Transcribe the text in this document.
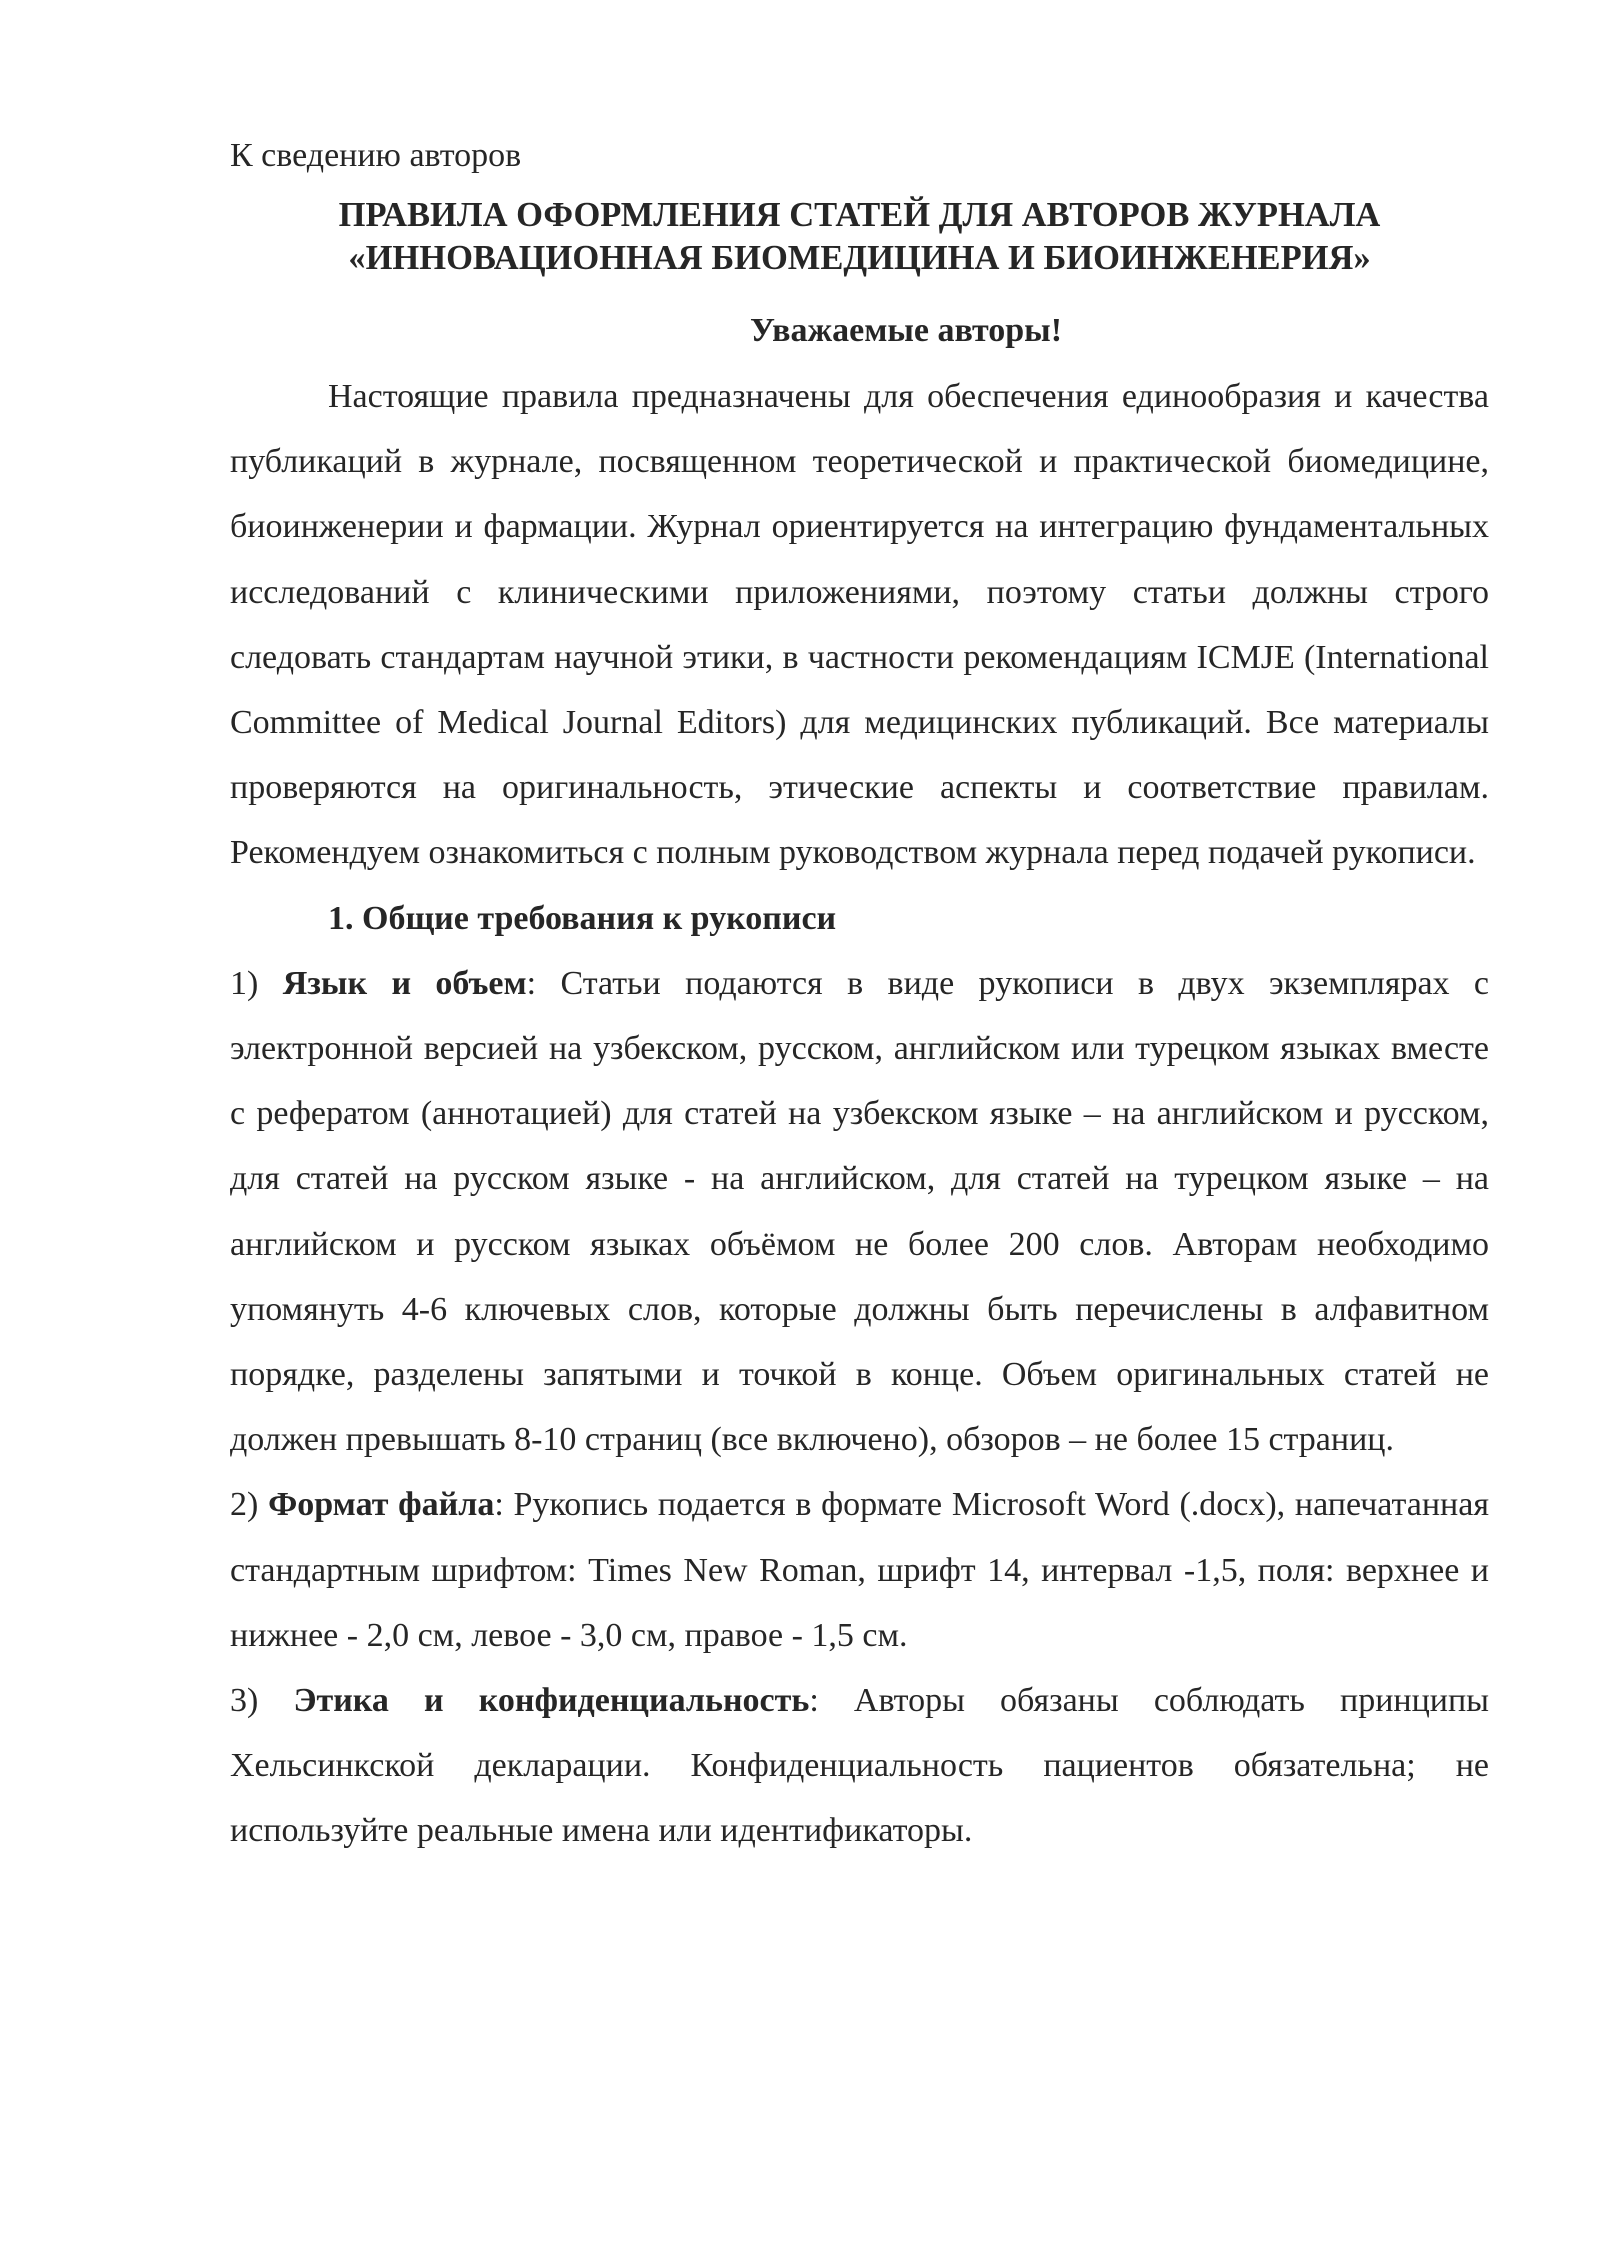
К сведению авторов
ПРАВИЛА ОФОРМЛЕНИЯ СТАТЕЙ ДЛЯ АВТОРОВ ЖУРНАЛА
«ИННОВАЦИОННАЯ БИОМЕДИЦИНА И БИОИНЖЕНЕРИЯ»
Уважаемые авторы!

Настоящие правила предназначены для обеспечения единообразия и качества публикаций в журнале, посвященном теоретической и практической биомедицине, биоинженерии и фармации. Журнал ориентируется на интеграцию фундаментальных исследований с клиническими приложениями, поэтому статьи должны строго следовать стандартам научной этики, в частности рекомендациям ICMJE (International Committee of Medical Journal Editors) для медицинских публикаций. Все материалы проверяются на оригинальность, этические аспекты и соответствие правилам. Рекомендуем ознакомиться с полным руководством журнала перед подачей рукописи.

1. Общие требования к рукописи

1) Язык и объем: Статьи подаются в виде рукописи в двух экземплярах с электронной версией на узбекском, русском, английском или турецком языках вместе с рефератом (аннотацией) для статей на узбекском языке – на английском и русском, для статей на русском языке - на английском, для статей на турецком языке – на английском и русском языках объёмом не более 200 слов. Авторам необходимо упомянуть 4-6 ключевых слов, которые должны быть перечислены в алфавитном порядке, разделены запятыми и точкой в конце. Объем оригинальных статей не должен превышать 8-10 страниц (все включено), обзоров – не более 15 страниц.

2) Формат файла: Рукопись подается в формате Microsoft Word (.docx), напечатанная стандартным шрифтом: Times New Roman, шрифт 14, интервал -1,5, поля: верхнее и нижнее - 2,0 см, левое - 3,0 см, правое - 1,5 см.

3) Этика и конфиденциальность: Авторы обязаны соблюдать принципы Хельсинкской декларации. Конфиденциальность пациентов обязательна; не используйте реальные имена или идентификаторы.
